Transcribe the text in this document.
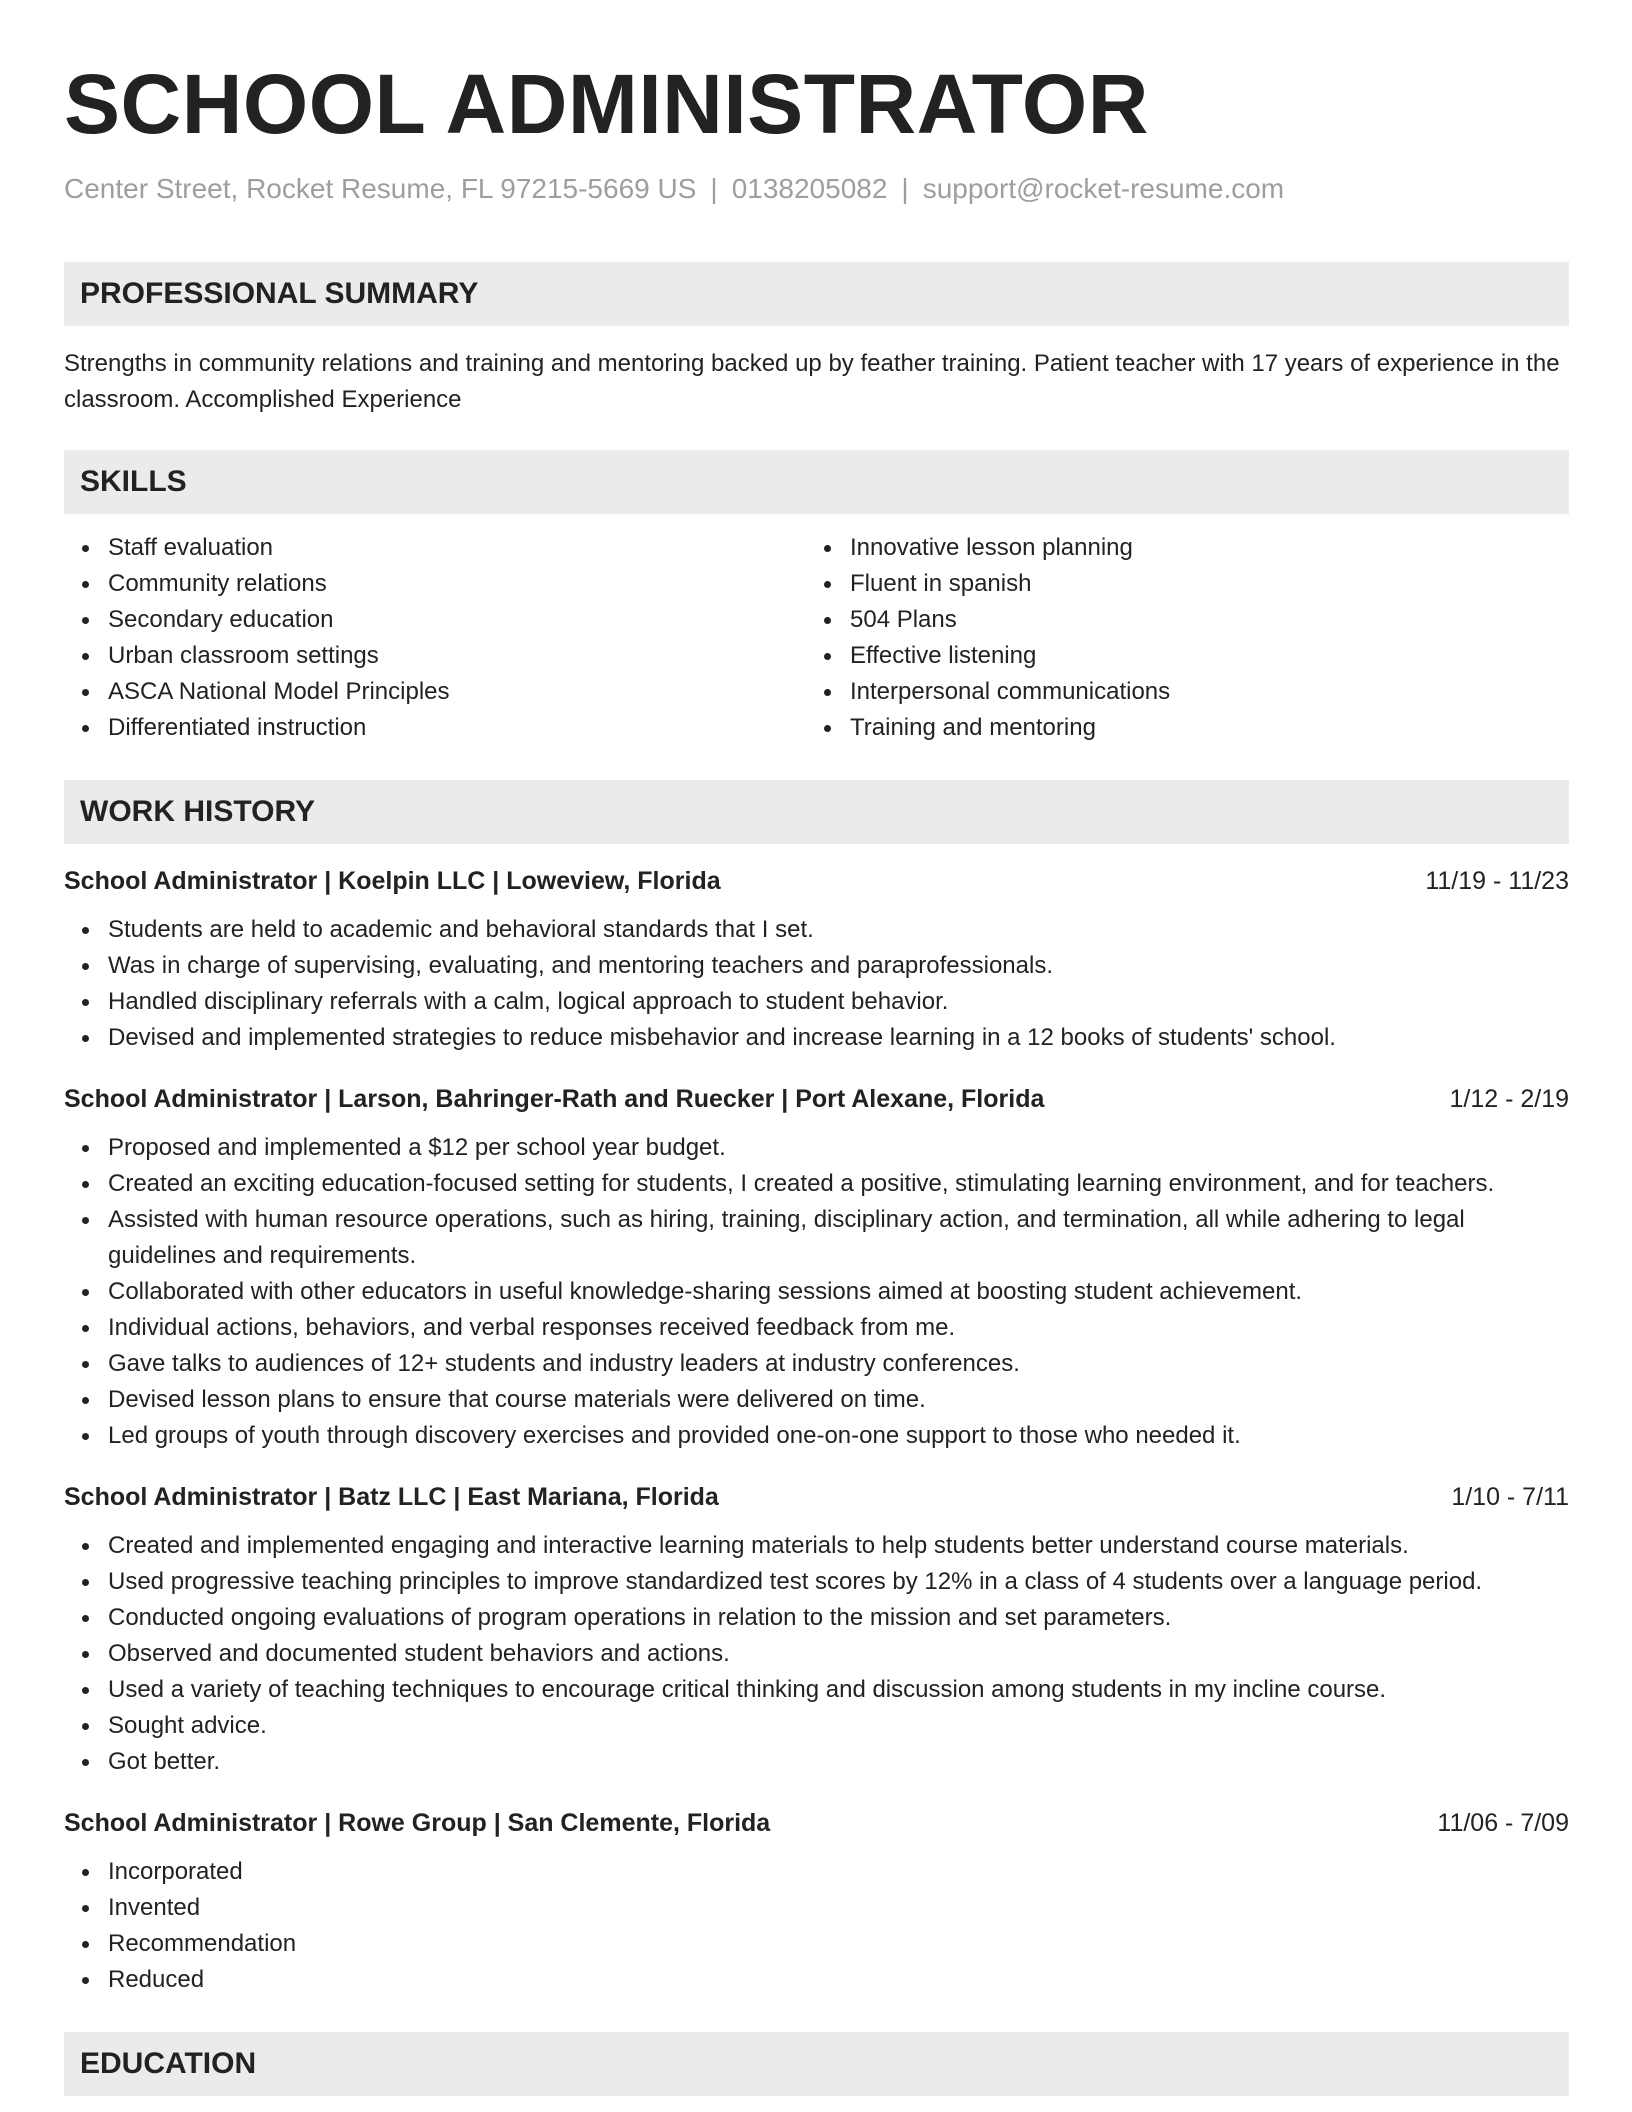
SCHOOL ADMINISTRATOR
Center Street, Rocket Resume, FL 97215-5669 US | 0138205082 | support@rocket-resume.com
PROFESSIONAL SUMMARY

Strengths in community relations and training and mentoring backed up by feather training. Patient teacher with 17 years of experience in the classroom. Accomplished Experience

SKILLS
Staff evaluation
Community relations
Secondary education
Urban classroom settings
ASCA National Model Principles
Differentiated instruction
Innovative lesson planning
Fluent in spanish
504 Plans
Effective listening
Interpersonal communications
Training and mentoring
WORK HISTORY
School Administrator | Koelpin LLC | Loweview, Florida	11/19 - 11/23
Students are held to academic and behavioral standards that I set.
Was in charge of supervising, evaluating, and mentoring teachers and paraprofessionals.
Handled disciplinary referrals with a calm, logical approach to student behavior.
Devised and implemented strategies to reduce misbehavior and increase learning in a 12 books of students' school.
School Administrator | Larson, Bahringer-Rath and Ruecker | Port Alexane, Florida	1/12 - 2/19
Proposed and implemented a $12 per school year budget.
Created an exciting education-focused setting for students, I created a positive, stimulating learning environment, and for teachers.
Assisted with human resource operations, such as hiring, training, disciplinary action, and termination, all while adhering to legal guidelines and requirements.
Collaborated with other educators in useful knowledge-sharing sessions aimed at boosting student achievement.
Individual actions, behaviors, and verbal responses received feedback from me.
Gave talks to audiences of 12+ students and industry leaders at industry conferences.
Devised lesson plans to ensure that course materials were delivered on time.
Led groups of youth through discovery exercises and provided one-on-one support to those who needed it.
School Administrator | Batz LLC | East Mariana, Florida	1/10 - 7/11
Created and implemented engaging and interactive learning materials to help students better understand course materials.
Used progressive teaching principles to improve standardized test scores by 12% in a class of 4 students over a language period.
Conducted ongoing evaluations of program operations in relation to the mission and set parameters.
Observed and documented student behaviors and actions.
Used a variety of teaching techniques to encourage critical thinking and discussion among students in my incline course.
Sought advice.
Got better.
School Administrator | Rowe Group | San Clemente, Florida	11/06 - 7/09
Incorporated
Invented
Recommendation
Reduced
EDUCATION
